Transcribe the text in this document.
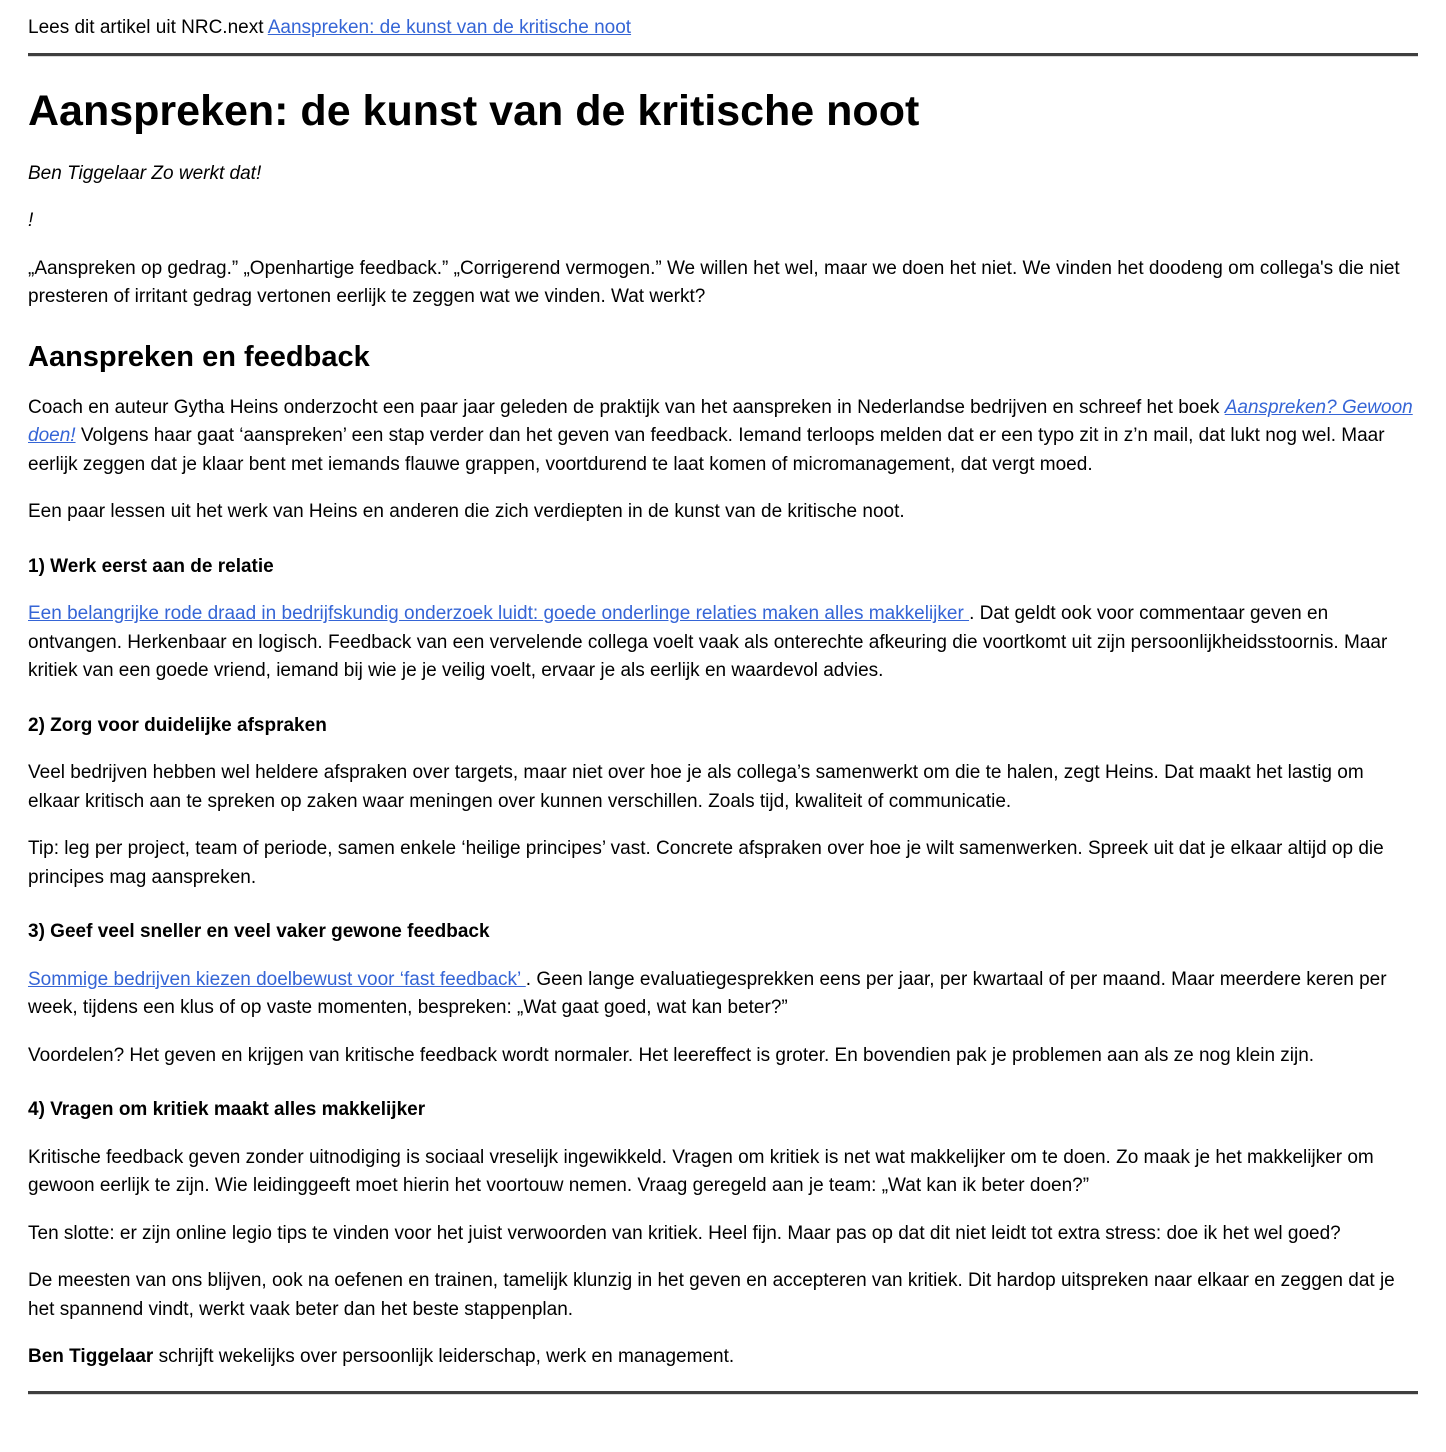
Lees dit artikel uit NRC.next Aanspreken: de kunst van de kritische noot

Aanspreken: de kunst van de kritische noot

Ben Tiggelaar Zo werkt dat!

!

„Aanspreken op gedrag.” „Openhartige feedback.” „Corrigerend vermogen.” We willen het wel, maar we doen het niet. We vinden het doodeng om collega's die niet presteren of irritant gedrag vertonen eerlijk te zeggen wat we vinden. Wat werkt?

Aanspreken en feedback

Coach en auteur Gytha Heins onderzocht een paar jaar geleden de praktijk van het aanspreken in Nederlandse bedrijven en schreef het boek Aanspreken? Gewoon doen! Volgens haar gaat ‘aanspreken’ een stap verder dan het geven van feedback. Iemand terloops melden dat er een typo zit in z’n mail, dat lukt nog wel. Maar eerlijk zeggen dat je klaar bent met iemands flauwe grappen, voortdurend te laat komen of micromanagement, dat vergt moed.

Een paar lessen uit het werk van Heins en anderen die zich verdiepten in de kunst van de kritische noot.

1) Werk eerst aan de relatie

Een belangrijke rode draad in bedrijfskundig onderzoek luidt: goede onderlinge relaties maken alles makkelijker . Dat geldt ook voor commentaar geven en ontvangen. Herkenbaar en logisch. Feedback van een vervelende collega voelt vaak als onterechte afkeuring die voortkomt uit zijn persoonlijkheidsstoornis. Maar kritiek van een goede vriend, iemand bij wie je je veilig voelt, ervaar je als eerlijk en waardevol advies.

2) Zorg voor duidelijke afspraken

Veel bedrijven hebben wel heldere afspraken over targets, maar niet over hoe je als collega’s samenwerkt om die te halen, zegt Heins. Dat maakt het lastig om elkaar kritisch aan te spreken op zaken waar meningen over kunnen verschillen. Zoals tijd, kwaliteit of communicatie.

Tip: leg per project, team of periode, samen enkele ‘heilige principes’ vast. Concrete afspraken over hoe je wilt samenwerken. Spreek uit dat je elkaar altijd op die principes mag aanspreken.

3) Geef veel sneller en veel vaker gewone feedback

Sommige bedrijven kiezen doelbewust voor ‘fast feedback’ . Geen lange evaluatiegesprekken eens per jaar, per kwartaal of per maand. Maar meerdere keren per week, tijdens een klus of op vaste momenten, bespreken: „Wat gaat goed, wat kan beter?”

Voordelen? Het geven en krijgen van kritische feedback wordt normaler. Het leereffect is groter. En bovendien pak je problemen aan als ze nog klein zijn.

4) Vragen om kritiek maakt alles makkelijker

Kritische feedback geven zonder uitnodiging is sociaal vreselijk ingewikkeld. Vragen om kritiek is net wat makkelijker om te doen. Zo maak je het makkelijker om gewoon eerlijk te zijn. Wie leidinggeeft moet hierin het voortouw nemen. Vraag geregeld aan je team: „Wat kan ik beter doen?”

Ten slotte: er zijn online legio tips te vinden voor het juist verwoorden van kritiek. Heel fijn. Maar pas op dat dit niet leidt tot extra stress: doe ik het wel goed?

De meesten van ons blijven, ook na oefenen en trainen, tamelijk klunzig in het geven en accepteren van kritiek. Dit hardop uitspreken naar elkaar en zeggen dat je het spannend vindt, werkt vaak beter dan het beste stappenplan.

Ben Tiggelaar schrijft wekelijks over persoonlijk leiderschap, werk en management.
